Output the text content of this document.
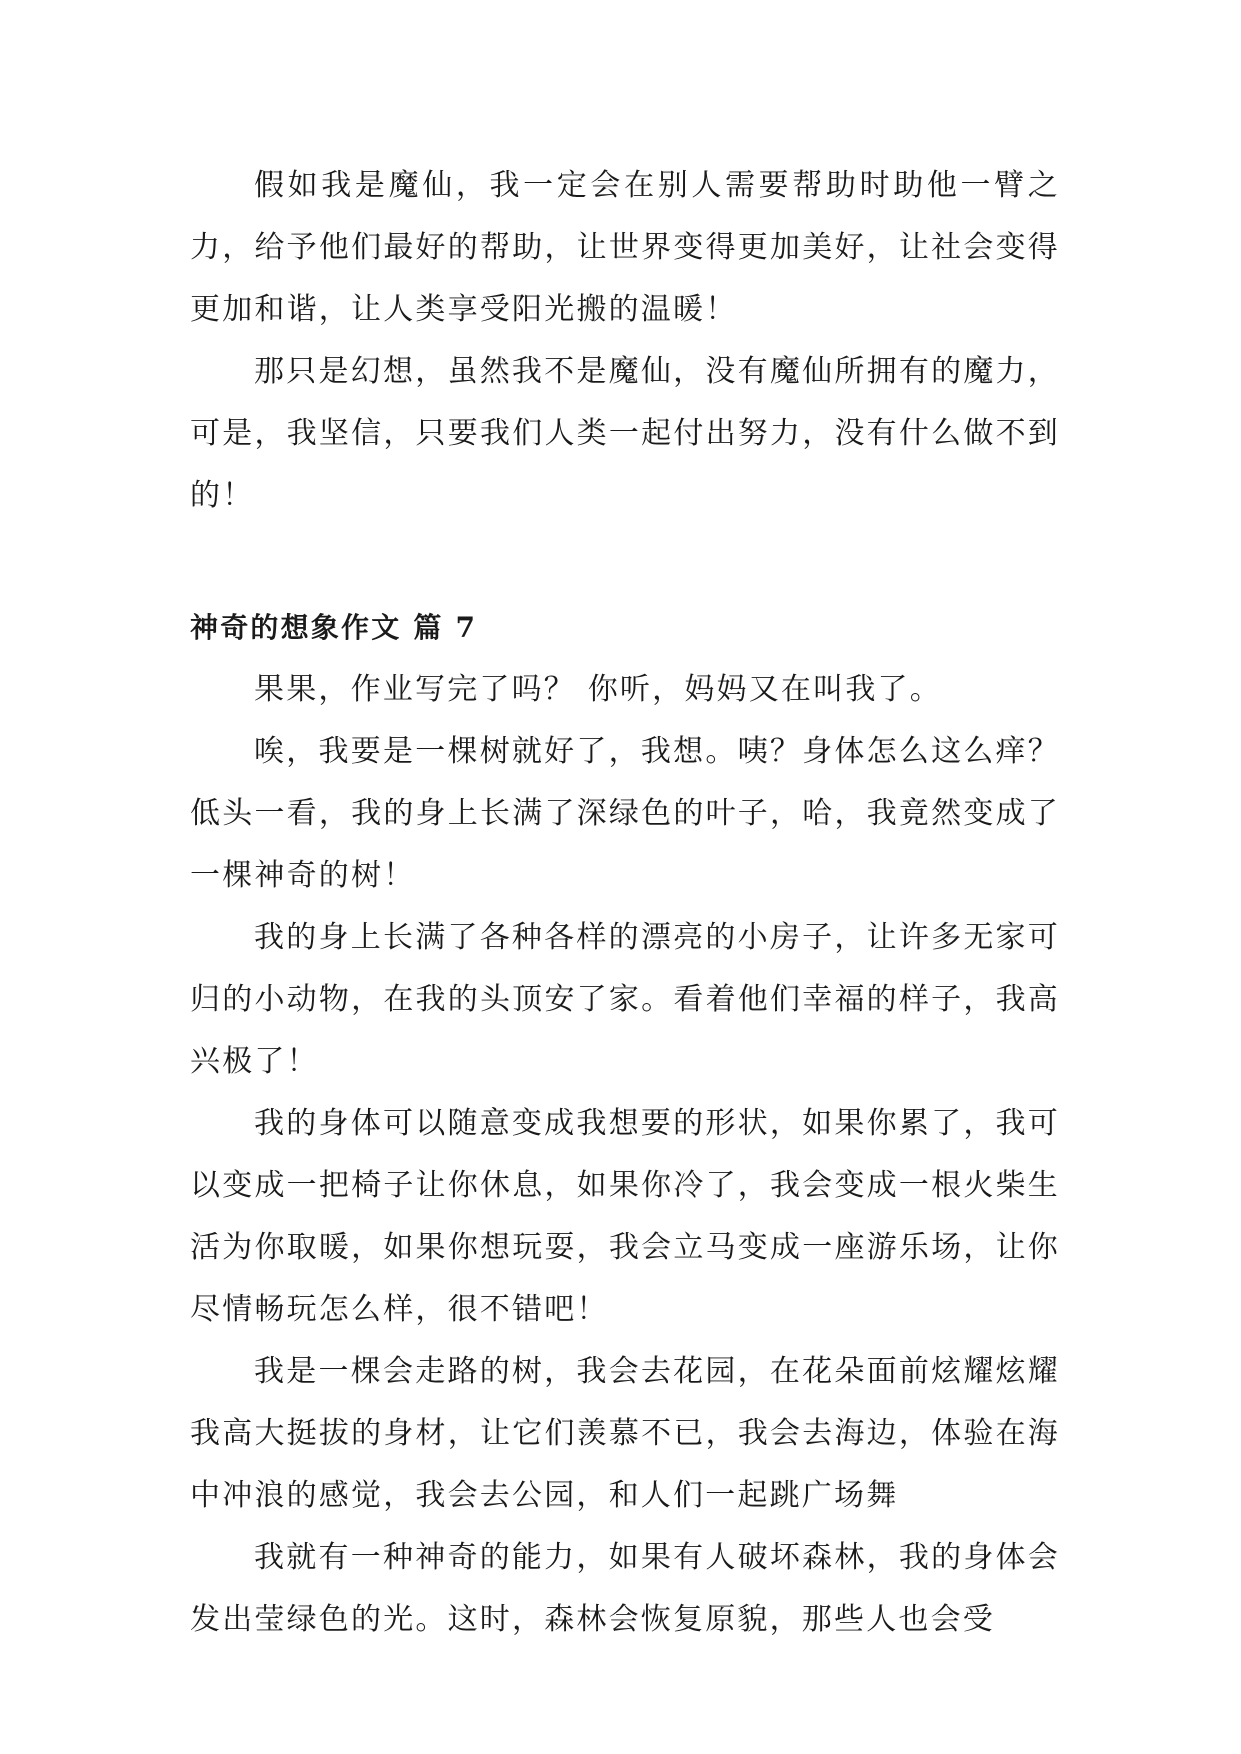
假如我是魔仙，我一定会在别人需要帮助时助他一臂之力，给予他们最好的帮助，让世界变得更加美好，让社会变得更加和谐，让人类享受阳光搬的温暖！

那只是幻想，虽然我不是魔仙，没有魔仙所拥有的魔力，可是，我坚信，只要我们人类一起付出努力，没有什么做不到的！

神奇的想象作文 篇 7

果果，作业写完了吗？ 你听，妈妈又在叫我了。

唉，我要是一棵树就好了，我想。咦？身体怎么这么痒？低头一看，我的身上长满了深绿色的叶子，哈，我竟然变成了一棵神奇的树！

我的身上长满了各种各样的漂亮的小房子，让许多无家可归的小动物，在我的头顶安了家。看着他们幸福的样子，我高兴极了！

我的身体可以随意变成我想要的形状，如果你累了，我可以变成一把椅子让你休息，如果你冷了，我会变成一根火柴生活为你取暖，如果你想玩耍，我会立马变成一座游乐场，让你尽情畅玩怎么样，很不错吧！

我是一棵会走路的树，我会去花园，在花朵面前炫耀炫耀我高大挺拔的身材，让它们羡慕不已，我会去海边，体验在海中冲浪的感觉，我会去公园，和人们一起跳广场舞

我就有一种神奇的能力，如果有人破坏森林，我的身体会发出莹绿色的光。这时，森林会恢复原貌，那些人也会受
